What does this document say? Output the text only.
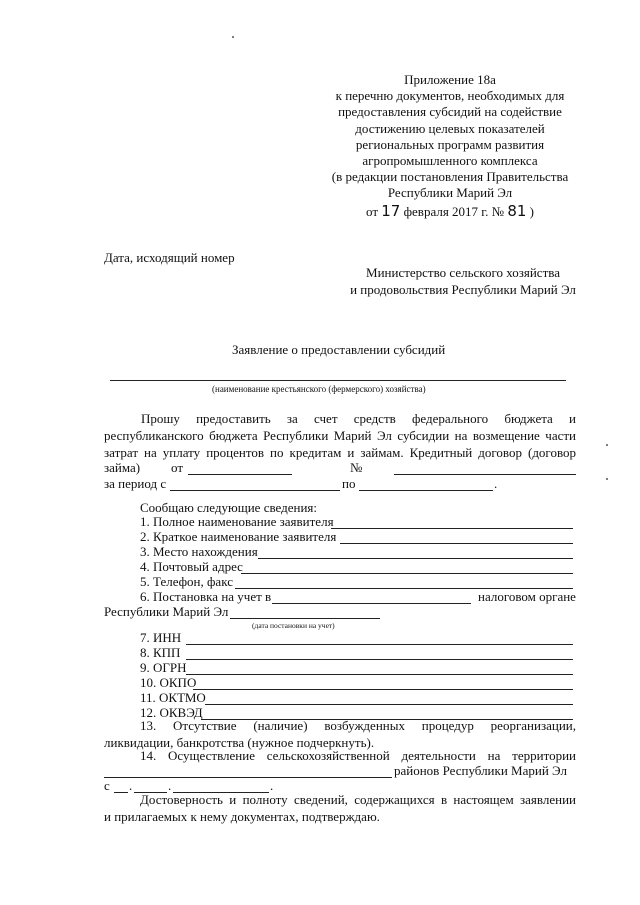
Приложение 18а
к перечню документов, необходимых для
предоставления субсидий на содействие
достижению целевых показателей
региональных программ развития
агропромышленного комплекса
(в редакции постановления Правительства
Республики Марий Эл
от 17 февраля 2017 г. № 81 )
Дата, исходящий номер
Министерство сельского хозяйства
и продовольствия Республики Марий Эл
Заявление о предоставлении субсидий
(наименование крестьянского (фермерского) хозяйства)
Прошу предоставить за счет средств федерального бюджета и
республиканского бюджета Республики Марий Эл субсидии на возмещение части
затрат на уплату процентов по кредитам и займам. Кредитный договор (договор
займа) от	№
за период с	по	.
Сообщаю следующие сведения:
1. Полное наименование заявителя
2. Краткое наименование заявителя
3. Место нахождения
4. Почтовый адрес
5. Телефон, факс
6. Постановка на учет в	налоговом органе
Республики Марий Эл
(дата постановки на учет)
7. ИНН
8. КПП
9. ОГРН
10. ОКПО
11. ОКТМО
12. ОКВЭД
13. Отсутствие (наличие) возбужденных процедур реорганизации,
ликвидации, банкротства (нужное подчеркнуть).
14. Осуществление сельскохозяйственной деятельности на территории
районов Республики Марий Эл
с .	.	.
Достоверность и полноту сведений, содержащихся в настоящем заявлении
и прилагаемых к нему документах, подтверждаю.
